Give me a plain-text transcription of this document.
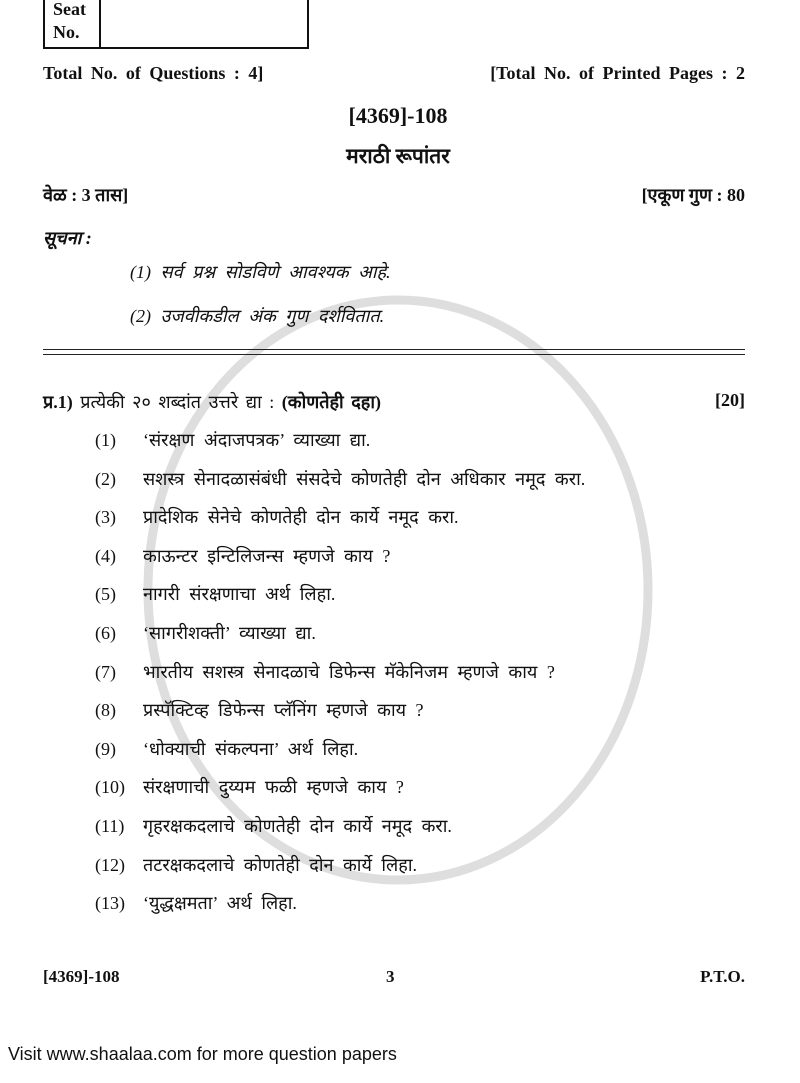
Seat
No.
Total No. of Questions : 4]	[Total No. of Printed Pages : 2
[4369]-108
मराठी रूपांतर
वेळ : 3 तास]	[एकूण गुण : 80
सूचना :
(1) सर्व प्रश्न सोडविणे आवश्यक आहे.
(2) उजवीकडील अंक गुण दर्शवितात.
प्र.1) प्रत्येकी २० शब्दांत उत्तरे द्या : (कोणतेही दहा)	[20]
(1) ‘संरक्षण अंदाजपत्रक’ व्याख्या द्या.
(2) सशस्त्र सेनादळासंबंधी संसदेचे कोणतेही दोन अधिकार नमूद करा.
(3) प्रादेशिक सेनेचे कोणतेही दोन कार्ये नमूद करा.
(4) काऊन्टर इन्टिलिजन्स म्हणजे काय ?
(5) नागरी संरक्षणाचा अर्थ लिहा.
(6) ‘सागरीशक्ती’ व्याख्या द्या.
(7) भारतीय सशस्त्र सेनादळाचे डिफेन्स मॅकेनिजम म्हणजे काय ?
(8) प्रस्पॅक्टिव्ह डिफेन्स प्लॅनिंग म्हणजे काय ?
(9) ‘धोक्याची संकल्पना’ अर्थ लिहा.
(10) संरक्षणाची दुय्यम फळी म्हणजे काय ?
(11) गृहरक्षकदलाचे कोणतेही दोन कार्ये नमूद करा.
(12) तटरक्षकदलाचे कोणतेही दोन कार्ये लिहा.
(13) ‘युद्धक्षमता’ अर्थ लिहा.
[4369]-108	3	P.T.O.
Visit www.shaalaa.com for more question papers
